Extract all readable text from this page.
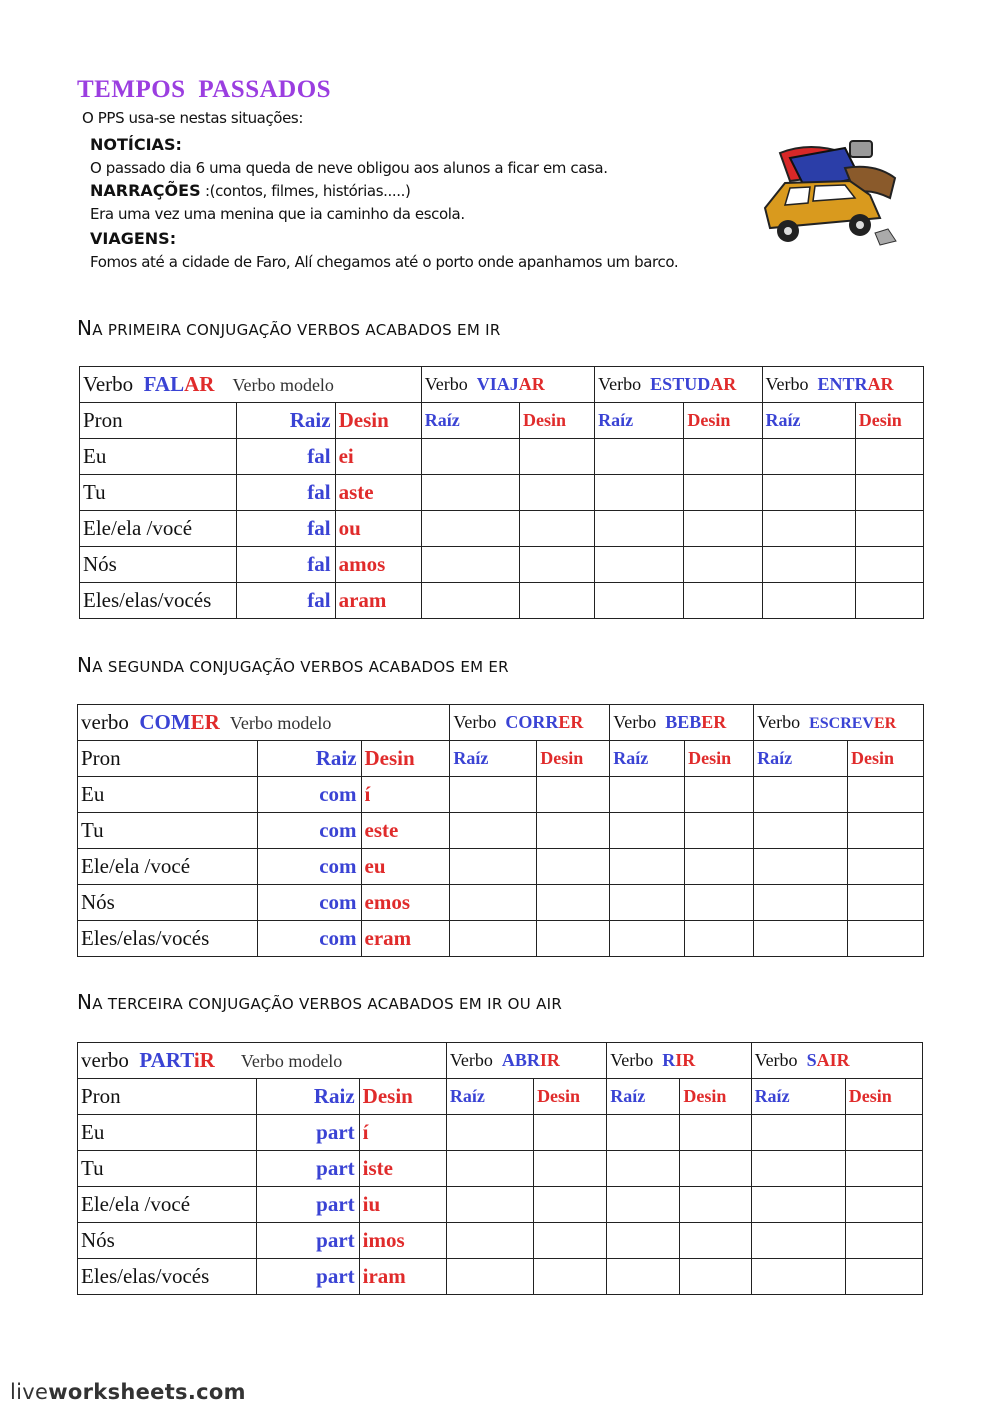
TEMPOS PASSADOS
O PPS usa-se nestas situações:
NOTÍCIAS:
O passado dia 6 uma queda de neve obligou aos alunos a ficar em casa.
NARRAÇÕES :(contos, filmes, histórias.....)
Era uma vez uma menina que ia caminho da escola.
VIAGENS:
Fomos até a cidade de Faro, Alí chegamos até o porto onde apanhamos um barco.
NA PRIMEIRA CONJUGAÇÃO VERBOS ACABADOS EM IR
Verbo FALAR Verbo modelo			Verbo VIAJAR		Verbo ESTUDAR		Verbo ENTRAR	
Pron	Raiz	Desin	Raíz	Desin	Raíz	Desin	Raíz	Desin
Eu	fal	ei						
Tu	fal	aste						
Ele/ela /vocé	fal	ou						
Nós	fal	amos						
Eles/elas/vocés	fal	aram						
NA SEGUNDA CONJUGAÇÃO VERBOS ACABADOS EM ER
verbo COMER Verbo modelo			Verbo CORRER		Verbo BEBER		Verbo ESCREVER	
Pron	Raiz	Desin	Raíz	Desin	Raíz	Desin	Raíz	Desin
Eu	com	í						
Tu	com	este						
Ele/ela /vocé	com	eu						
Nós	com	emos						
Eles/elas/vocés	com	eram						
NA TERCEIRA CONJUGAÇÃO VERBOS ACABADOS EM IR OU AIR
verbo PARTiR Verbo modelo			Verbo ABRIR		Verbo RIR		Verbo SAIR	
Pron	Raiz	Desin	Raíz	Desin	Raíz	Desin	Raíz	Desin
Eu	part	í						
Tu	part	iste						
Ele/ela /vocé	part	iu						
Nós	part	imos						
Eles/elas/vocés	part	iram						
liveworksheets.com
